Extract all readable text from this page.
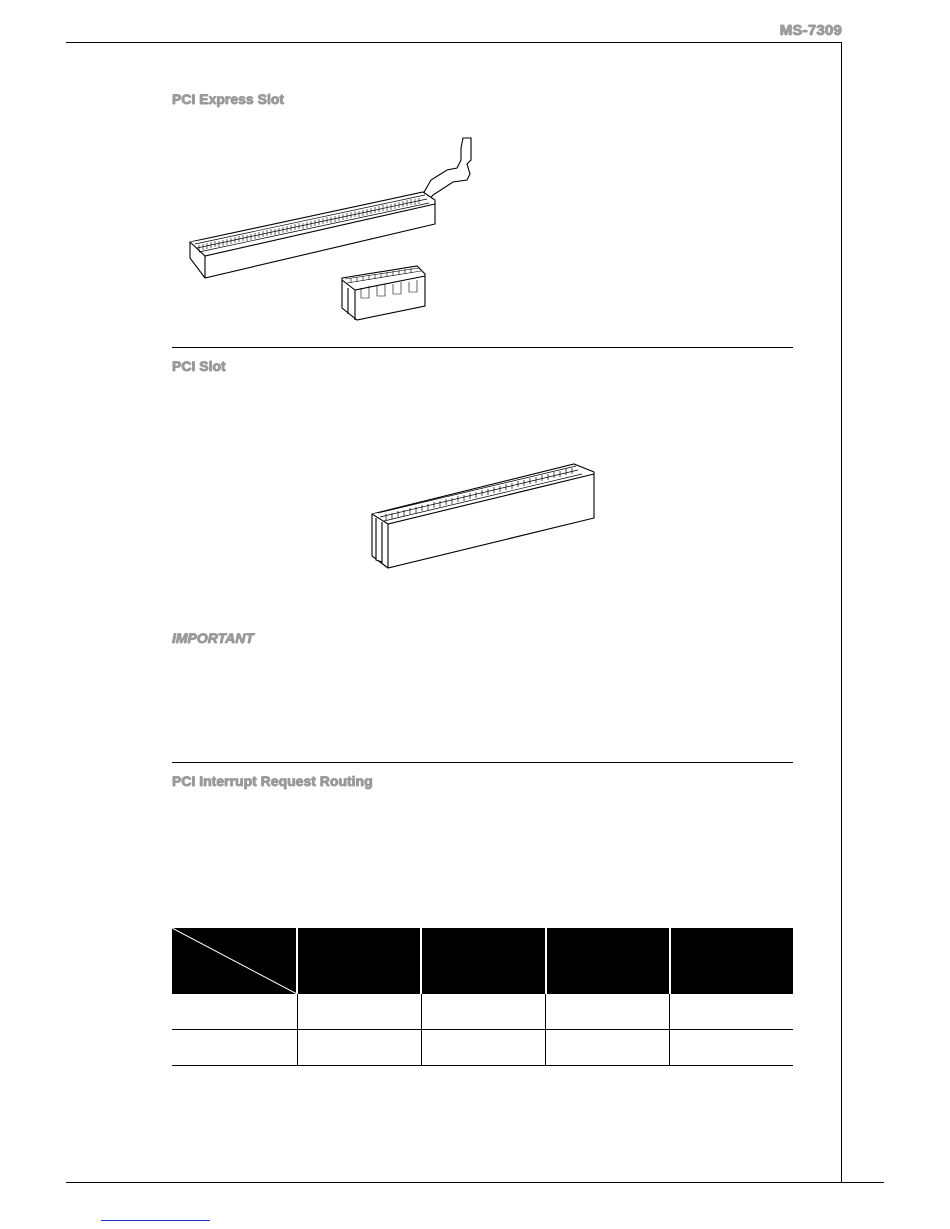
MS-7309
PCI Express Slot
PCI Slot
IMPORTANT
PCI Interrupt Request Routing
